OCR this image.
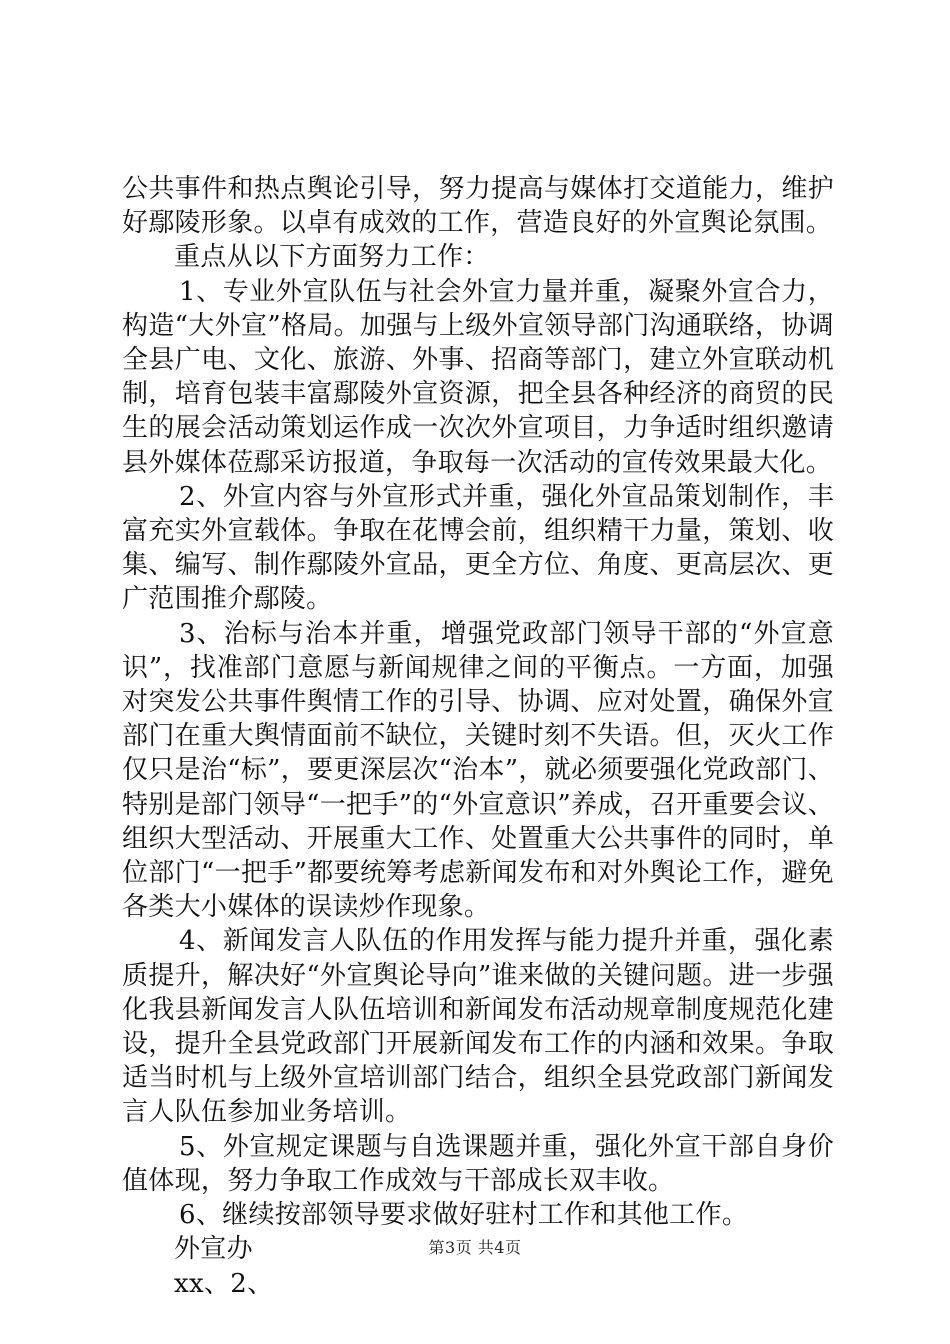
公共事件和热点舆论引导，努力提高与媒体打交道能力，维护好鄢陵形象。以卓有成效的工作，营造良好的外宣舆论氛围。

重点从以下方面努力工作：

1、专业外宣队伍与社会外宣力量并重，凝聚外宣合力，构造“大外宣”格局。加强与上级外宣领导部门沟通联络，协调全县广电、文化、旅游、外事、招商等部门，建立外宣联动机制，培育包装丰富鄢陵外宣资源，把全县各种经济的商贸的民生的展会活动策划运作成一次次外宣项目，力争适时组织邀请县外媒体莅鄢采访报道，争取每一次活动的宣传效果最大化。

2、外宣内容与外宣形式并重，强化外宣品策划制作，丰富充实外宣载体。争取在花博会前，组织精干力量，策划、收集、编写、制作鄢陵外宣品，更全方位、角度、更高层次、更广范围推介鄢陵。

3、治标与治本并重，增强党政部门领导干部的“外宣意识”，找准部门意愿与新闻规律之间的平衡点。一方面，加强对突发公共事件舆情工作的引导、协调、应对处置，确保外宣部门在重大舆情面前不缺位，关键时刻不失语。但，灭火工作仅只是治“标”，要更深层次“治本”，就必须要强化党政部门、特别是部门领导“一把手”的“外宣意识”养成，召开重要会议、组织大型活动、开展重大工作、处置重大公共事件的同时，单位部门“一把手”都要统筹考虑新闻发布和对外舆论工作，避免各类大小媒体的误读炒作现象。

4、新闻发言人队伍的作用发挥与能力提升并重，强化素质提升，解决好“外宣舆论导向”谁来做的关键问题。进一步强化我县新闻发言人队伍培训和新闻发布活动规章制度规范化建设，提升全县党政部门开展新闻发布工作的内涵和效果。争取适当时机与上级外宣培训部门结合，组织全县党政部门新闻发言人队伍参加业务培训。

5、外宣规定课题与自选课题并重，强化外宣干部自身价值体现，努力争取工作成效与干部成长双丰收。

6、继续按部领导要求做好驻村工作和其他工作。

外宣办

xx、2、

第3页 共4页
